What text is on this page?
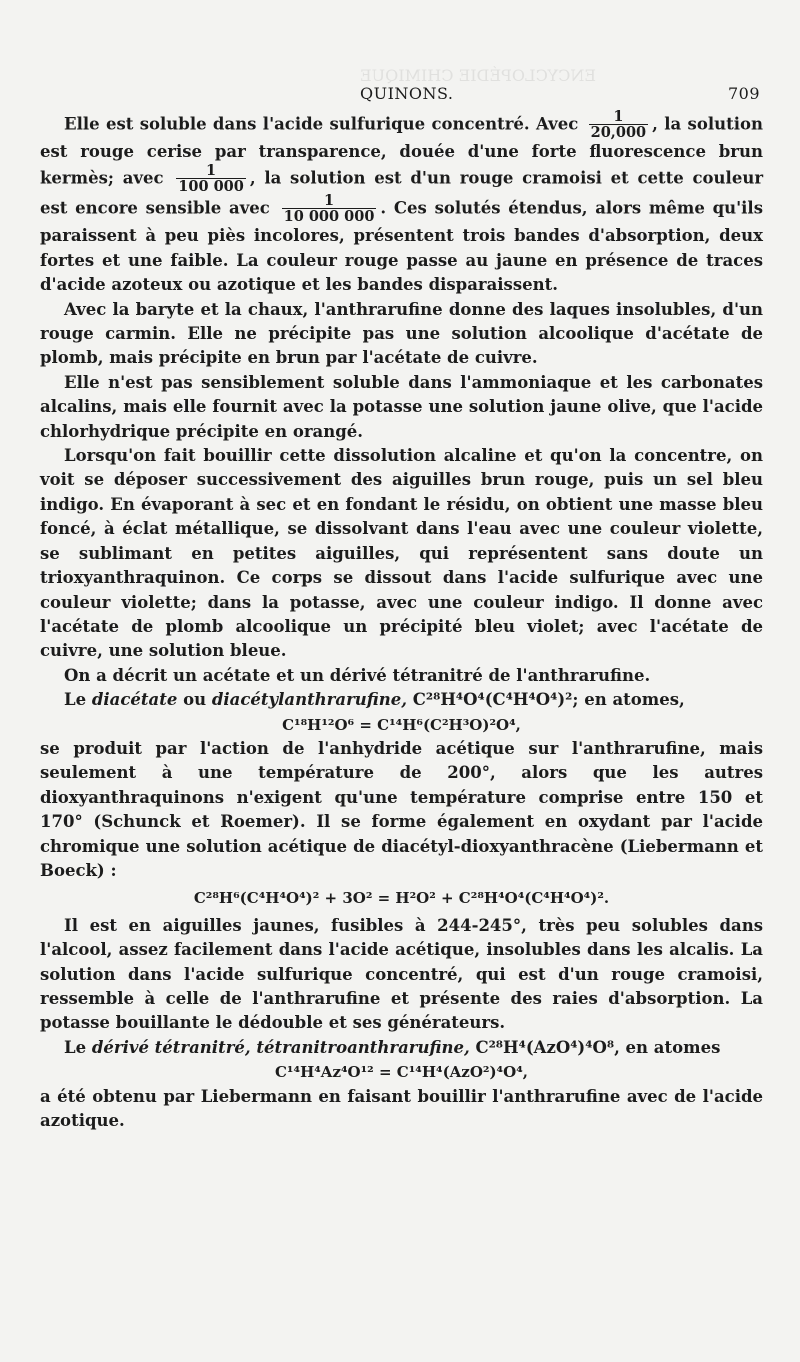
ENCYCLOPÉDIE CHIMIQUE
QUINONS.	709

Elle est soluble dans l'acide sulfurique concentré. Avec $\frac{1}{20,000}$ , la solution est rouge cerise par transparence, douée d'une forte fluorescence brun kermès; avec $\frac{1}{100 000}$ , la solution est d'un rouge cramoisi et cette couleur est encore sensible avec $\frac{1}{10 000 000}$ . Ces solutés étendus, alors même qu'ils paraissent à peu piès incolores, présentent trois bandes d'absorption, deux fortes et une faible. La couleur rouge passe au jaune en présence de traces d'acide azoteux ou azotique et les bandes disparaissent.

Avec la baryte et la chaux, l'anthrarufine donne des laques insolubles, d'un rouge carmin. Elle ne précipite pas une solution alcoolique d'acétate de plomb, mais précipite en brun par l'acétate de cuivre.

Elle n'est pas sensiblement soluble dans l'ammoniaque et les carbonates alcalins, mais elle fournit avec la potasse une solution jaune olive, que l'acide chlorhydrique précipite en orangé.

Lorsqu'on fait bouillir cette dissolution alcaline et qu'on la concentre, on voit se déposer successivement des aiguilles brun rouge, puis un sel bleu indigo. En évaporant à sec et en fondant le résidu, on obtient une masse bleu foncé, à éclat métallique, se dissolvant dans l'eau avec une couleur violette, se sublimant en petites aiguilles, qui représentent sans doute un trioxyanthraquinon. Ce corps se dissout dans l'acide sulfurique avec une couleur violette; dans la potasse, avec une couleur indigo. Il donne avec l'acétate de plomb alcoolique un précipité bleu violet; avec l'acétate de cuivre, une solution bleue.

On a décrit un acétate et un dérivé tétranitré de l'anthrarufine.

Le diacétate ou diacétylanthrarufine, C²⁸H⁴O⁴(C⁴H⁴O⁴)²; en atomes,

C¹⁸H¹²O⁶ = C¹⁴H⁶(C²H³O)²O⁴,

se produit par l'action de l'anhydride acétique sur l'anthrarufine, mais seulement à une température de 200°, alors que les autres dioxyanthraquinons n'exigent qu'une température comprise entre 150 et 170° (Schunck et Roemer). Il se forme également en oxydant par l'acide chromique une solution acétique de diacétyl-dioxyanthracène (Liebermann et Boeck) :

C²⁸H⁶(C⁴H⁴O⁴)² + 3O² = H²O² + C²⁸H⁴O⁴(C⁴H⁴O⁴)².

Il est en aiguilles jaunes, fusibles à 244-245°, très peu solubles dans l'alcool, assez facilement dans l'acide acétique, insolubles dans les alcalis. La solution dans l'acide sulfurique concentré, qui est d'un rouge cramoisi, ressemble à celle de l'anthrarufine et présente des raies d'absorption. La potasse bouillante le dédouble et ses générateurs.

Le dérivé tétranitré, tétranitroanthrarufine, C²⁸H⁴(AzO⁴)⁴O⁸, en atomes

C¹⁴H⁴Az⁴O¹² = C¹⁴H⁴(AzO²)⁴O⁴,

a été obtenu par Liebermann en faisant bouillir l'anthrarufine avec de l'acide azotique.
